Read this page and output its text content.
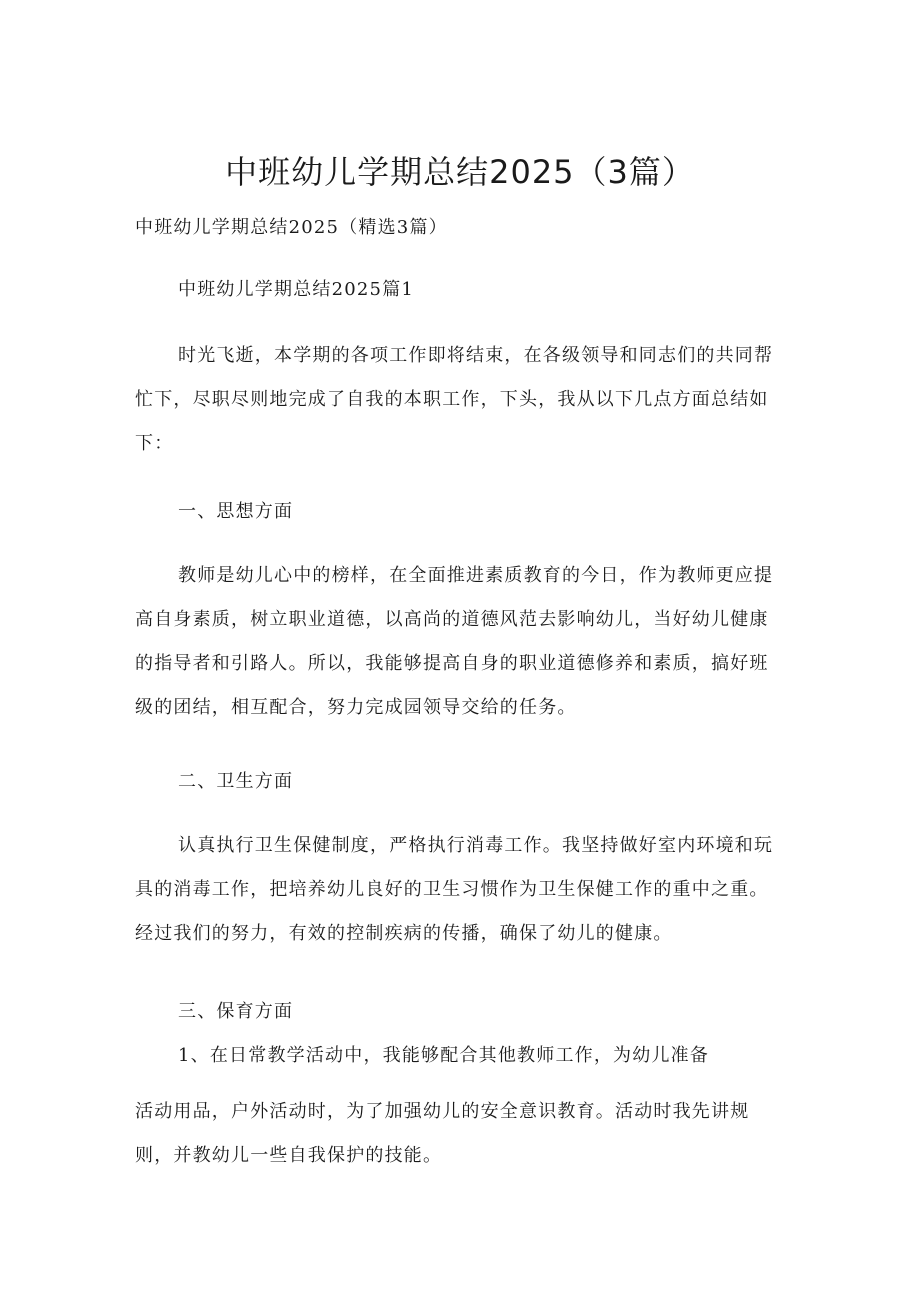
中班幼儿学期总结2025（3篇）

中班幼儿学期总结2025（精选3篇）

中班幼儿学期总结2025篇1

时光飞逝，本学期的各项工作即将结束，在各级领导和同志们的共同帮忙下，尽职尽则地完成了自我的本职工作，下头，我从以下几点方面总结如下：

一、思想方面

教师是幼儿心中的榜样，在全面推进素质教育的今日，作为教师更应提高自身素质，树立职业道德，以高尚的道德风范去影响幼儿，当好幼儿健康的指导者和引路人。所以，我能够提高自身的职业道德修养和素质，搞好班级的团结，相互配合，努力完成园领导交给的任务。

二、卫生方面

认真执行卫生保健制度，严格执行消毒工作。我坚持做好室内环境和玩具的消毒工作，把培养幼儿良好的卫生习惯作为卫生保健工作的重中之重。经过我们的努力，有效的控制疾病的传播，确保了幼儿的健康。

三、保育方面

1、在日常教学活动中，我能够配合其他教师工作，为幼儿准备

活动用品，户外活动时，为了加强幼儿的安全意识教育。活动时我先讲规则，并教幼儿一些自我保护的技能。
